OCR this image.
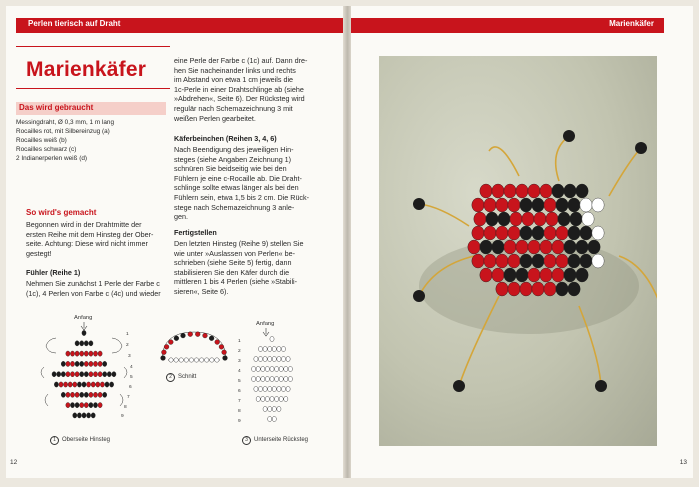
Perlen tierisch auf Draht
Marienkäfer
Das wird gebraucht
Messingdraht, Ø 0,3 mm, 1 m lang
Rocailles rot, mit Silbereinzug (a)
Rocailles weiß (b)
Rocailles schwarz (c)
2 Indianerperlen weiß (d)
So wird's gemacht

Begonnen wird in der Drahtmitte der
ersten Reihe mit dem Hinsteg der Ober-
seite. Achtung: Diese wird nicht immer
gestegt!

Fühler (Reihe 1)

Nehmen Sie zunächst 1 Perle der Farbe c
(1c), 4 Perlen von Farbe c (4c) und wieder

eine Perle der Farbe c (1c) auf. Dann dre-
hen Sie nacheinander links und rechts
im Abstand von etwa 1 cm jeweils die
1c-Perle in einer Drahtschlinge ab (siehe
»Abdrehen«, Seite 6). Der Rücksteg wird
regulär nach Schemazeichnung 3 mit
weißen Perlen gearbeitet.

Käferbeinchen (Reihen 3, 4, 6)

Nach Beendigung des jeweiligen Hin-
steges (siehe Angaben Zeichnung 1)
schnüren Sie beidseitig wie bei den
Fühlern je eine c-Rocaille ab. Die Draht-
schlinge sollte etwas länger als bei den
Fühlern sein, etwa 1,5 bis 2 cm. Die Rück-
stege nach Schemazeichnung 3 anle-
gen.

Fertigstellen

Den letzten Hinsteg (Reihe 9) stellen Sie
wie unter »Auslassen von Perlen« be-
schrieben (siehe Seite 5) fertig, dann
stabilisieren Sie den Käfer durch die
mittleren 1 bis 4 Perlen (siehe »Stabili-
sieren«, Seite 6).

Anfang
1
2
3
4
5
6
7
8
9
1 Oberseite Hinsteg
2 Schnitt
Anfang
1
2
3
4
5
6
7
8
9
3 Unterseite Rücksteg
12
Marienkäfer
13
